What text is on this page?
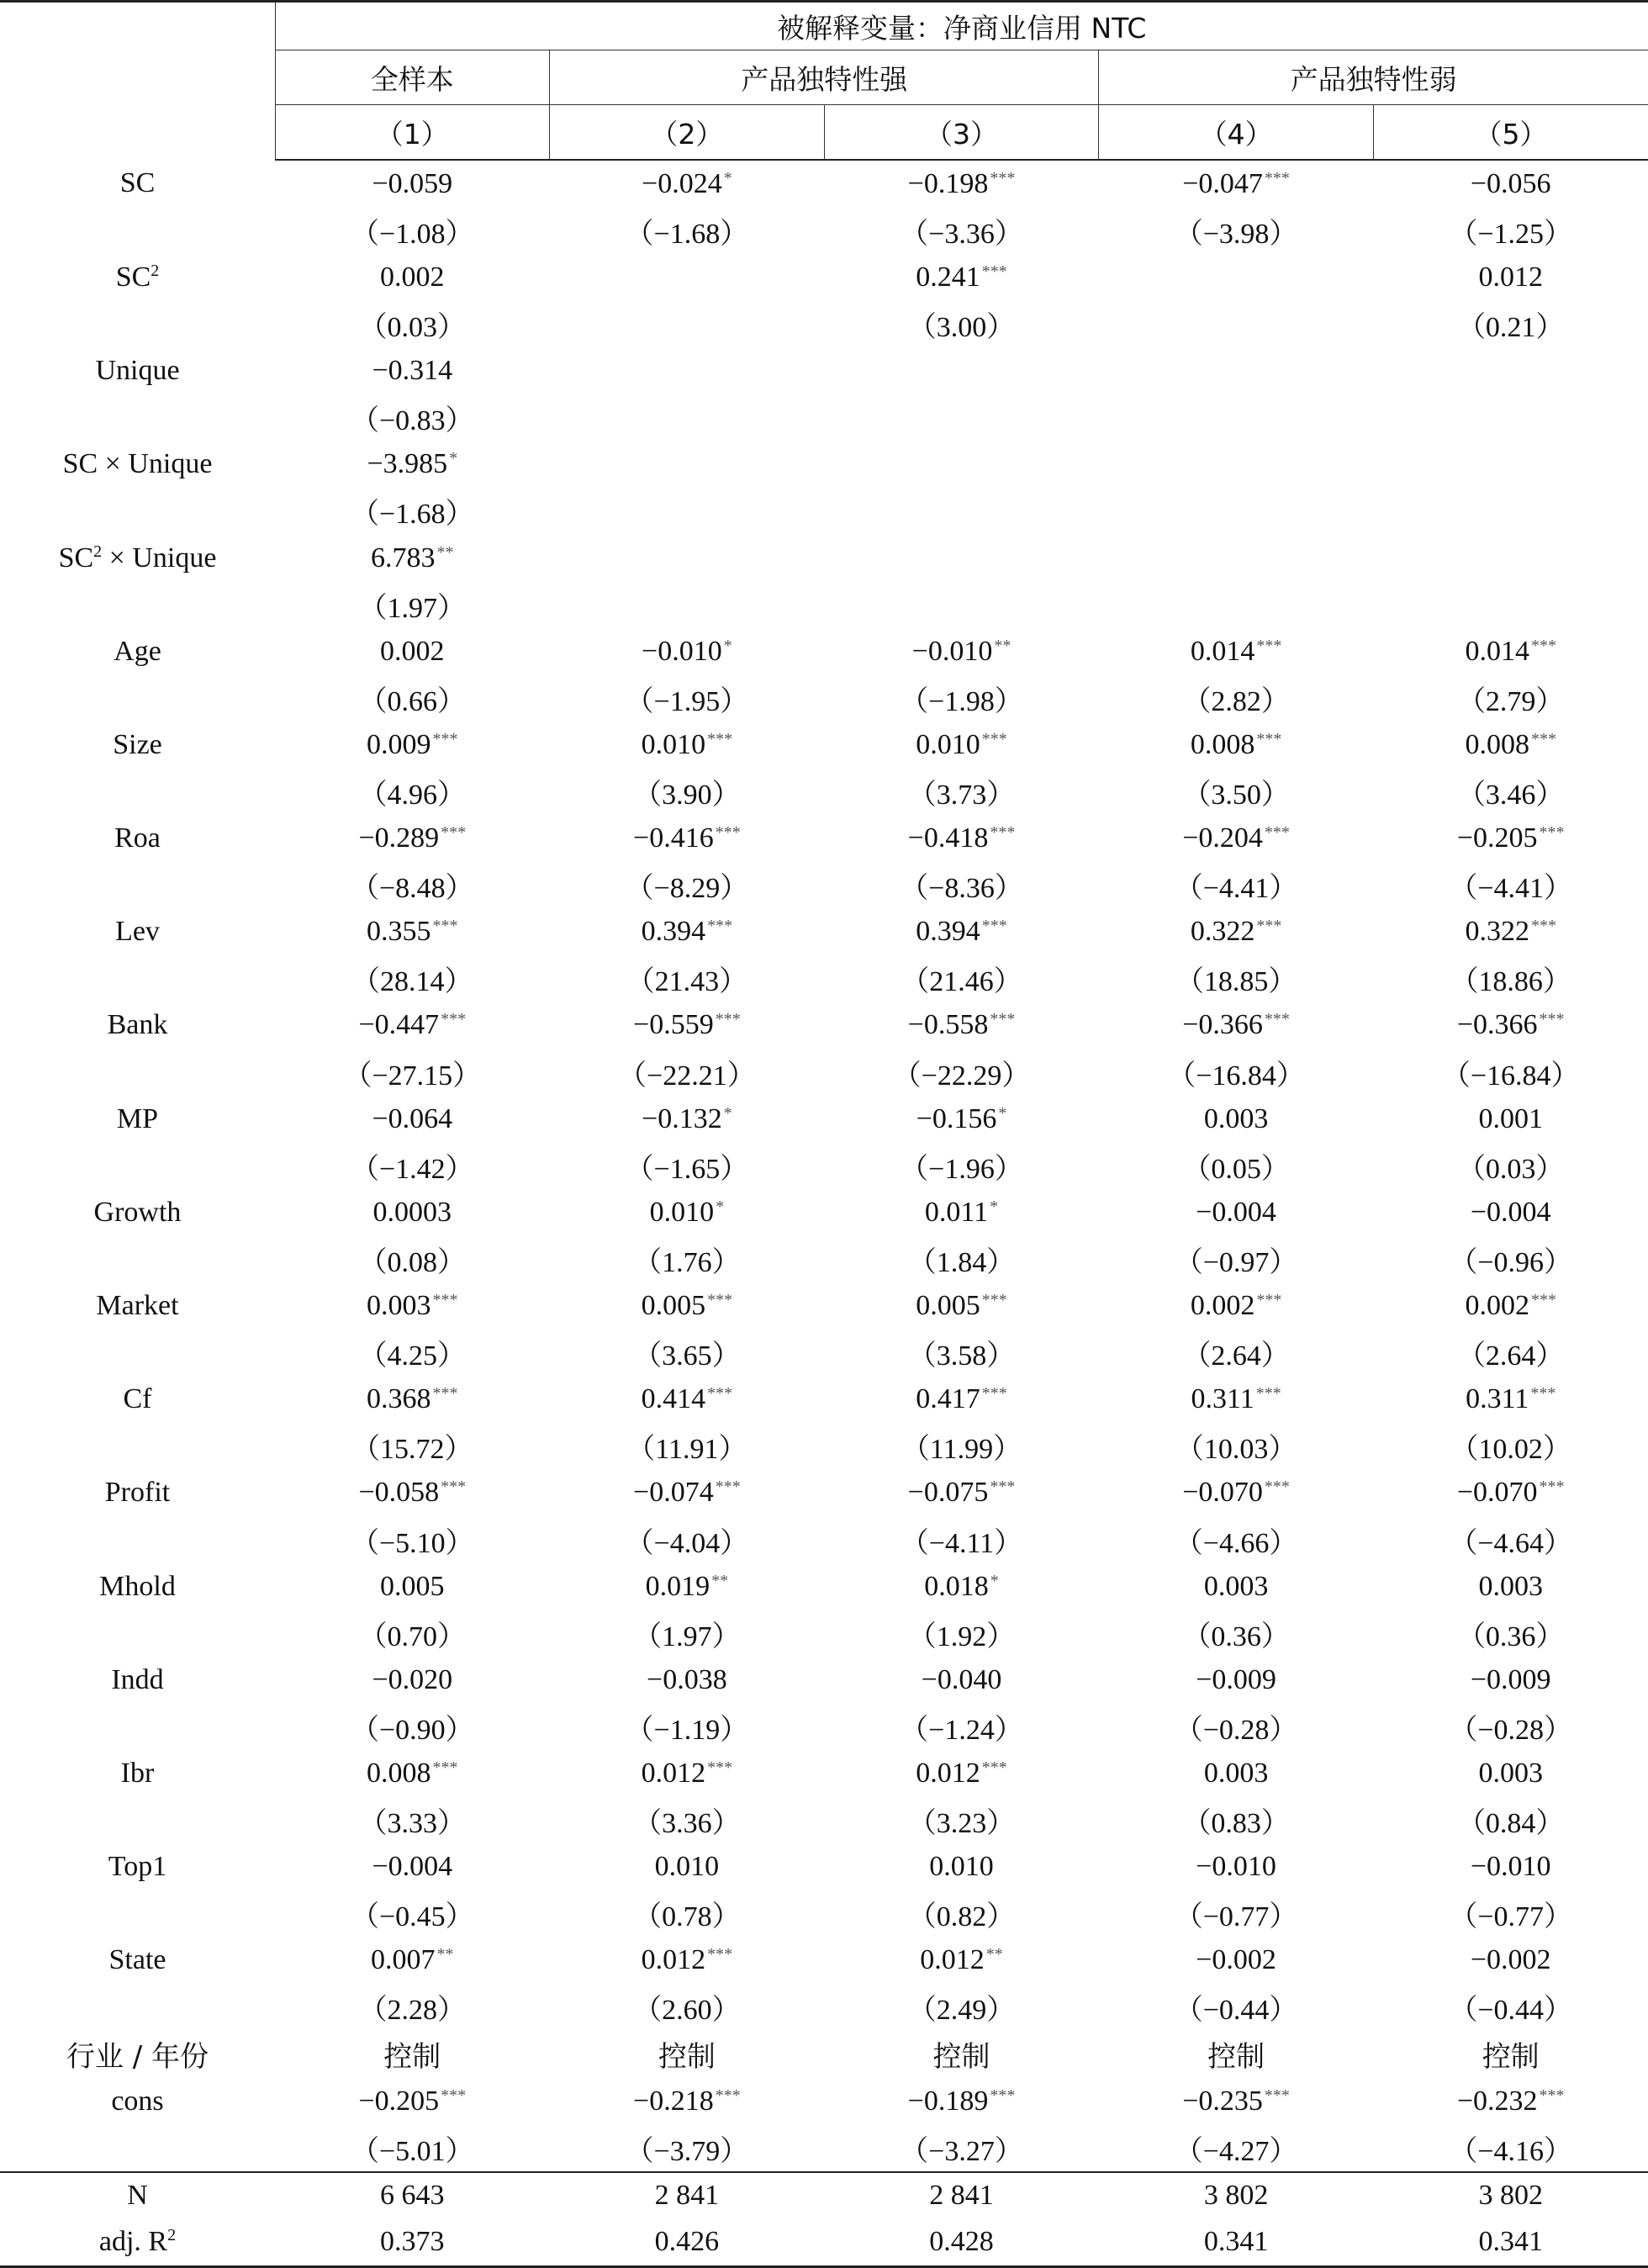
	被解释变量：净商业信用 NTC				
	全样本	产品独特性强		产品独特性弱	
	（1）	（2）	（3）	（4）	（5）
SC	−0.059	−0.024 *	−0.198 ***	−0.047 ***	−0.056
	（−1.08）	（−1.68）	（−3.36）	（−3.98）	（−1.25）
$SC^2$	0.002		0.241 ***		0.012
	（0.03）		（3.00）		（0.21）
Unique	−0.314				
	（−0.83）				
SC × Unique	−3.985 *				
	（−1.68）				
$SC^2$ × Unique	6.783 **				
	（1.97）				
Age	0.002	−0.010 *	−0.010 **	0.014 ***	0.014 ***
	（0.66）	（−1.95）	（−1.98）	（2.82）	（2.79）
Size	0.009 ***	0.010 ***	0.010 ***	0.008 ***	0.008 ***
	（4.96）	（3.90）	（3.73）	（3.50）	（3.46）
Roa	−0.289 ***	−0.416 ***	−0.418 ***	−0.204 ***	−0.205 ***
	（−8.48）	（−8.29）	（−8.36）	（−4.41）	（−4.41）
Lev	0.355 ***	0.394 ***	0.394 ***	0.322 ***	0.322 ***
	（28.14）	（21.43）	（21.46）	（18.85）	（18.86）
Bank	−0.447 ***	−0.559 ***	−0.558 ***	−0.366 ***	−0.366 ***
	（−27.15）	（−22.21）	（−22.29）	（−16.84）	（−16.84）
MP	−0.064	−0.132 *	−0.156 *	0.003	0.001
	（−1.42）	（−1.65）	（−1.96）	（0.05）	（0.03）
Growth	0.0003	0.010 *	0.011 *	−0.004	−0.004
	（0.08）	（1.76）	（1.84）	（−0.97）	（−0.96）
Market	0.003 ***	0.005 ***	0.005 ***	0.002 ***	0.002 ***
	（4.25）	（3.65）	（3.58）	（2.64）	（2.64）
Cf	0.368 ***	0.414 ***	0.417 ***	0.311 ***	0.311 ***
	（15.72）	（11.91）	（11.99）	（10.03）	（10.02）
Profit	−0.058 ***	−0.074 ***	−0.075 ***	−0.070 ***	−0.070 ***
	（−5.10）	（−4.04）	（−4.11）	（−4.66）	（−4.64）
Mhold	0.005	0.019 **	0.018 *	0.003	0.003
	（0.70）	（1.97）	（1.92）	（0.36）	（0.36）
Indd	−0.020	−0.038	−0.040	−0.009	−0.009
	（−0.90）	（−1.19）	（−1.24）	（−0.28）	（−0.28）
Ibr	0.008 ***	0.012 ***	0.012 ***	0.003	0.003
	（3.33）	（3.36）	（3.23）	（0.83）	（0.84）
Top1	−0.004	0.010	0.010	−0.010	−0.010
	（−0.45）	（0.78）	（0.82）	（−0.77）	（−0.77）
State	0.007 **	0.012 ***	0.012 **	−0.002	−0.002
	（2.28）	（2.60）	（2.49）	（−0.44）	（−0.44）
行业 / 年份	控制	控制	控制	控制	控制
cons	−0.205 ***	−0.218 ***	−0.189 ***	−0.235 ***	−0.232 ***
	（−5.01）	（−3.79）	（−3.27）	（−4.27）	（−4.16）
N	6 643	2 841	2 841	3 802	3 802
adj. $R^2$	0.373	0.426	0.428	0.341	0.341
